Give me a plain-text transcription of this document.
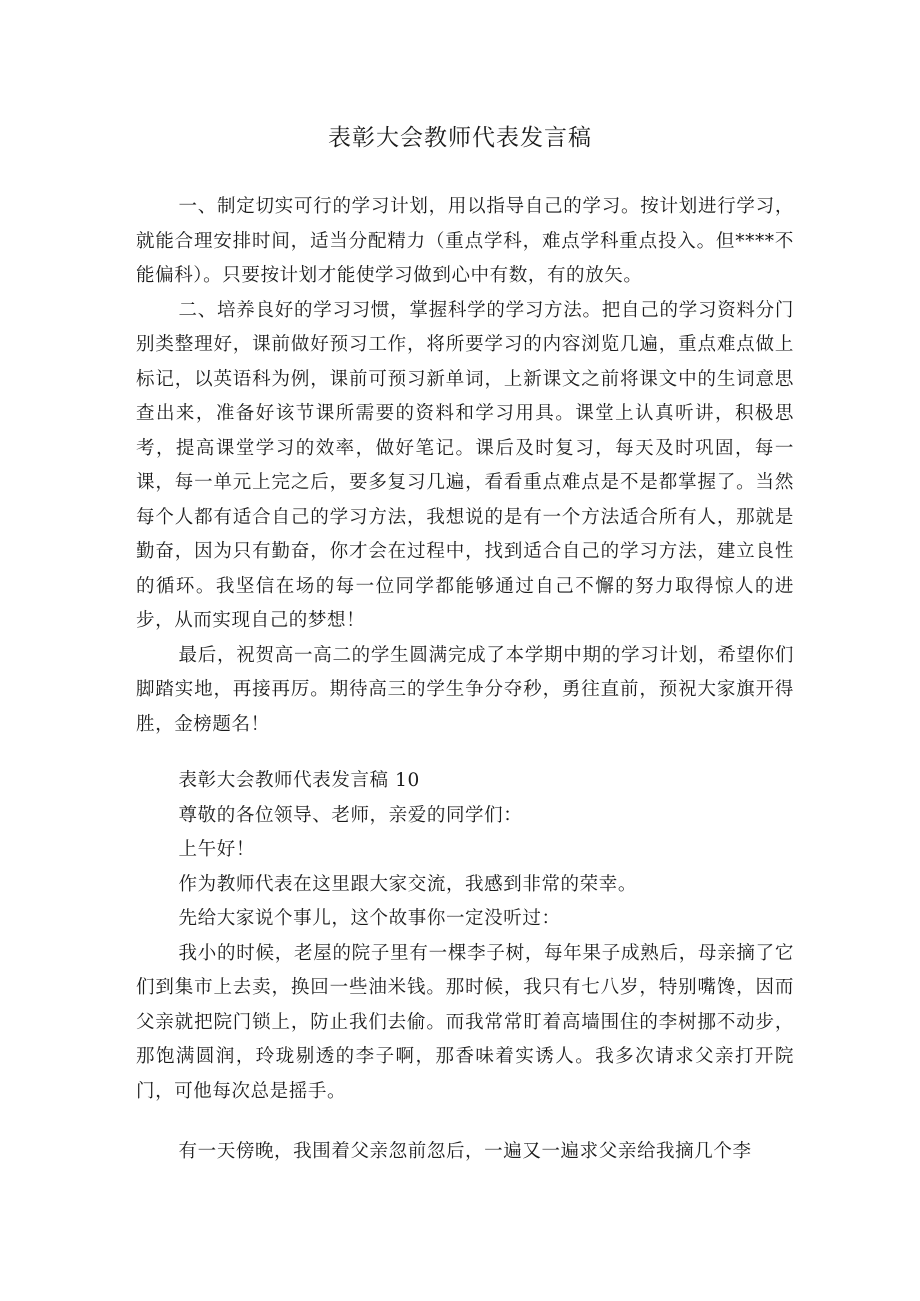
表彰大会教师代表发言稿

一、制定切实可行的学习计划，用以指导自己的学习。按计划进行学习，就能合理安排时间，适当分配精力（重点学科，难点学科重点投入。但****不能偏科）。只要按计划才能使学习做到心中有数，有的放矢。

二、培养良好的学习习惯，掌握科学的学习方法。把自己的学习资料分门别类整理好，课前做好预习工作，将所要学习的内容浏览几遍，重点难点做上标记，以英语科为例，课前可预习新单词，上新课文之前将课文中的生词意思查出来，准备好该节课所需要的资料和学习用具。课堂上认真听讲，积极思考，提高课堂学习的效率，做好笔记。课后及时复习，每天及时巩固，每一课，每一单元上完之后，要多复习几遍，看看重点难点是不是都掌握了。当然每个人都有适合自己的学习方法，我想说的是有一个方法适合所有人，那就是勤奋，因为只有勤奋，你才会在过程中，找到适合自己的学习方法，建立良性的循环。我坚信在场的每一位同学都能够通过自己不懈的努力取得惊人的进步，从而实现自己的梦想！

最后，祝贺高一高二的学生圆满完成了本学期中期的学习计划，希望你们脚踏实地，再接再厉。期待高三的学生争分夺秒，勇往直前，预祝大家旗开得胜，金榜题名！

表彰大会教师代表发言稿 10

尊敬的各位领导、老师，亲爱的同学们：

上午好！

作为教师代表在这里跟大家交流，我感到非常的荣幸。

先给大家说个事儿，这个故事你一定没听过：

我小的时候，老屋的院子里有一棵李子树，每年果子成熟后，母亲摘了它们到集市上去卖，换回一些油米钱。那时候，我只有七八岁，特别嘴馋，因而父亲就把院门锁上，防止我们去偷。而我常常盯着高墙围住的李树挪不动步，那饱满圆润，玲珑剔透的李子啊，那香味着实诱人。我多次请求父亲打开院门，可他每次总是摇手。

有一天傍晚，我围着父亲忽前忽后，一遍又一遍求父亲给我摘几个李
